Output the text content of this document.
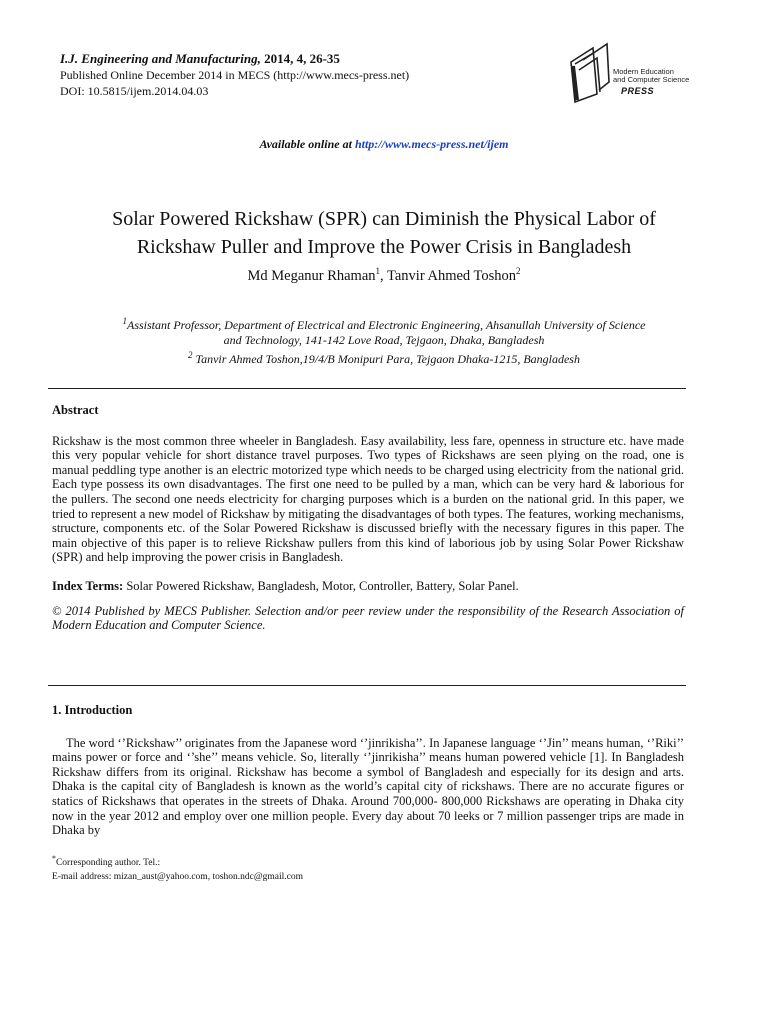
I.J. Engineering and Manufacturing, 2014, 4, 26-35
Published Online December 2014 in MECS (http://www.mecs-press.net)
DOI: 10.5815/ijem.2014.04.03
Modern Education
and Computer Science
PRESS
Available online at http://www.mecs-press.net/ijem
Solar Powered Rickshaw (SPR) can Diminish the Physical Labor of
Rickshaw Puller and Improve the Power Crisis in Bangladesh
Md Meganur Rhaman$^1$, Tanvir Ahmed Toshon$^2$
$^1$Assistant Professor, Department of Electrical and Electronic Engineering, Ahsanullah University of Science
and Technology, 141-142 Love Road, Tejgaon, Dhaka, Bangladesh
$^2$ Tanvir Ahmed Toshon,19/4/B Monipuri Para, Tejgaon Dhaka-1215, Bangladesh
Abstract
Rickshaw is the most common three wheeler in Bangladesh. Easy availability, less fare, openness in structure etc. have made this very popular vehicle for short distance travel purposes. Two types of Rickshaws are seen plying on the road, one is manual peddling type another is an electric motorized type which needs to be charged using electricity from the national grid. Each type possess its own disadvantages. The first one need to be pulled by a man, which can be very hard & laborious for the pullers. The second one needs electricity for charging purposes which is a burden on the national grid. In this paper, we tried to represent a new model of Rickshaw by mitigating the disadvantages of both types. The features, working mechanisms, structure, components etc. of the Solar Powered Rickshaw is discussed briefly with the necessary figures in this paper. The main objective of this paper is to relieve Rickshaw pullers from this kind of laborious job by using Solar Power Rickshaw (SPR) and help improving the power crisis in Bangladesh.
Index Terms: Solar Powered Rickshaw, Bangladesh, Motor, Controller, Battery, Solar Panel.
© 2014 Published by MECS Publisher. Selection and/or peer review under the responsibility of the Research Association of Modern Education and Computer Science.
1. Introduction

The word ‘’Rickshaw’’ originates from the Japanese word ‘’jinrikisha’’. In Japanese language ‘’Jin’’ means human, ‘’Riki’’ mains power or force and ‘’she’’ means vehicle. So, literally ‘’jinrikisha’’ means human powered vehicle [1]. In Bangladesh Rickshaw differs from its original. Rickshaw has become a symbol of Bangladesh and especially for its design and arts. Dhaka is the capital city of Bangladesh is known as the world’s capital city of rickshaws. There are no accurate figures or statics of Rickshaws that operates in the streets of Dhaka. Around 700,000- 800,000 Rickshaws are operating in Dhaka city now in the year 2012 and employ over one million people. Every day about 70 leeks or 7 million passenger trips are made in Dhaka by

*Corresponding author. Tel.:
E-mail address: mizan_aust@yahoo.com, toshon.ndc@gmail.com
